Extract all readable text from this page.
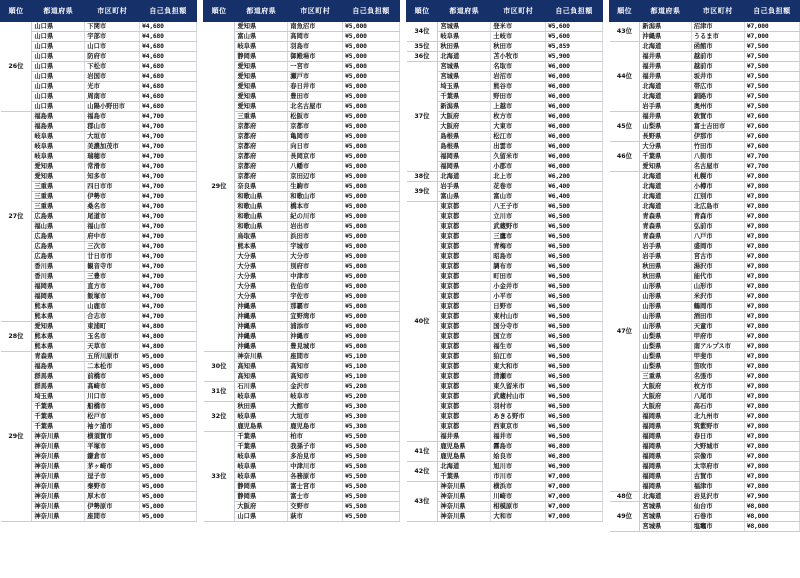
順位	都道府県	市区町村	自己負担額
26位	山口県	下関市	¥4,680
	山口県	宇部市	¥4,680
	山口県	山口市	¥4,680
	山口県	防府市	¥4,680
	山口県	下松市	¥4,680
	山口県	岩国市	¥4,680
	山口県	光市	¥4,680
	山口県	周南市	¥4,680
	山口県	山陽小野田市	¥4,680
27位	福島県	福島市	¥4,700
	福島県	郡山市	¥4,700
	岐阜県	大垣市	¥4,700
	岐阜県	美濃加茂市	¥4,700
	岐阜県	瑞穂市	¥4,700
	愛知県	常滑市	¥4,700
	愛知県	知多市	¥4,700
	三重県	四日市市	¥4,700
	三重県	伊勢市	¥4,700
	三重県	桑名市	¥4,700
	広島県	尾道市	¥4,700
	福山県	福山市	¥4,700
	広島県	府中市	¥4,700
	広島県	三次市	¥4,700
	広島県	廿日市市	¥4,700
	香川県	観音寺市	¥4,700
	香川県	三豊市	¥4,700
	福岡県	直方市	¥4,700
	福岡県	飯塚市	¥4,700
	熊本県	山鹿市	¥4,700
	熊本県	合志市	¥4,700
28位	愛知県	東浦町	¥4,800
	熊本県	玉名市	¥4,800
	熊本県	天草市	¥4,800
29位	青森県	五所川原市	¥5,000
	福島県	二本松市	¥5,000
	群馬県	前橋市	¥5,000
	群馬県	高崎市	¥5,000
	埼玉県	川口市	¥5,000
	千葉県	船橋市	¥5,000
	千葉県	松戸市	¥5,000
	千葉県	袖ケ浦市	¥5,000
	神奈川県	横須賀市	¥5,000
	神奈川県	平塚市	¥5,000
	神奈川県	鎌倉市	¥5,000
	神奈川県	茅ヶ崎市	¥5,000
	神奈川県	逗子市	¥5,000
	神奈川県	秦野市	¥5,000
	神奈川県	厚木市	¥5,000
	神奈川県	伊勢原市	¥5,000
	神奈川県	座間市	¥5,000
順位	都道府県	市区町村	自己負担額
29位	愛知県	南魚沼市	¥5,000
	富山県	高岡市	¥5,000
	岐阜県	羽島市	¥5,000
	静岡県	御殿場市	¥5,000
	愛知県	一宮市	¥5,000
	愛知県	瀬戸市	¥5,000
	愛知県	春日井市	¥5,000
	愛知県	豊田市	¥5,000
	愛知県	北名古屋市	¥5,000
	三重県	松阪市	¥5,000
	京都府	京都市	¥5,000
	京都府	亀岡市	¥5,000
	京都府	向日市	¥5,000
	京都府	長岡京市	¥5,000
	京都府	八幡市	¥5,000
	京都府	京田辺市	¥5,000
	奈良県	生駒市	¥5,000
	和歌山県	和歌山市	¥5,000
	和歌山県	橋本市	¥5,000
	和歌山県	紀の川市	¥5,000
	和歌山県	岩出市	¥5,000
	鳥取県	浜田市	¥5,000
	熊本県	宇城市	¥5,000
	大分県	大分市	¥5,000
	大分県	別府市	¥5,000
	大分県	中津市	¥5,000
	大分県	佐伯市	¥5,000
	大分県	宇佐市	¥5,000
	沖縄県	那覇市	¥5,000
	沖縄県	宜野湾市	¥5,000
	沖縄県	浦添市	¥5,000
	沖縄県	沖縄市	¥5,000
	沖縄県	豊見城市	¥5,000
30位	神奈川県	座間市	¥5,100
	高知県	高知市	¥5,100
	高知県	高知市	¥5,100
31位	石川県	金沢市	¥5,200
	岐阜県	岐阜市	¥5,200
32位	秋田県	大館市	¥5,300
	岐阜県	大垣市	¥5,300
	鹿児島県	鹿児島市	¥5,300
33位	千葉県	柏市	¥5,500
	千葉県	我孫子市	¥5,500
	岐阜県	多治見市	¥5,500
	岐阜県	中津川市	¥5,500
	岐阜県	各務原市	¥5,500
	静岡県	富士宮市	¥5,500
	静岡県	富士市	¥5,500
	大阪府	交野市	¥5,500
	山口県	萩市	¥5,500
順位	都道府県	市区町村	自己負担額
34位	宮城県	登米市	¥5,600
	岐阜県	土岐市	¥5,600
35位	秋田県	秋田市	¥5,859
36位	北海道	苫小牧市	¥5,900
37位	宮城県	名取市	¥6,000
	宮城県	岩沼市	¥6,000
	埼玉県	熊谷市	¥6,000
	千葉県	野田市	¥6,000
	新潟県	上越市	¥6,000
	大阪府	枚方市	¥6,000
	大阪府	大東市	¥6,000
	島根県	松江市	¥6,000
	島根県	出雲市	¥6,000
	福岡県	久留米市	¥6,000
	福岡県	小郡市	¥6,000
38位	北海道	北上市	¥6,200
39位	岩手県	花巻市	¥6,400
	富山県	富山市	¥6,400
40位	東京都	八王子市	¥6,500
	東京都	立川市	¥6,500
	東京都	武蔵野市	¥6,500
	東京都	三鷹市	¥6,500
	東京都	青梅市	¥6,500
	東京都	昭島市	¥6,500
	東京都	調布市	¥6,500
	東京都	町田市	¥6,500
	東京都	小金井市	¥6,500
	東京都	小平市	¥6,500
	東京都	日野市	¥6,500
	東京都	東村山市	¥6,500
	東京都	国分寺市	¥6,500
	東京都	国立市	¥6,500
	東京都	福生市	¥6,500
	東京都	狛江市	¥6,500
	東京都	東大和市	¥6,500
	東京都	清瀬市	¥6,500
	東京都	東久留米市	¥6,500
	東京都	武蔵村山市	¥6,500
	東京都	羽村市	¥6,500
	東京都	あきる野市	¥6,500
	東京都	西東京市	¥6,500
	福井県	福井市	¥6,500
41位	鹿児島県	霧島市	¥6,800
	鹿児島県	姶良市	¥6,800
42位	北海道	旭川市	¥6,900
	千葉県	市川市	¥7,000
43位	神奈川県	横浜市	¥7,000
	神奈川県	川崎市	¥7,000
	神奈川県	相模原市	¥7,000
	神奈川県	大和市	¥7,000
順位	都道府県	市区町村	自己負担額
43位	新潟県	沼津市	¥7,000
	沖縄県	うるま市	¥7,000
44位	北海道	函館市	¥7,500
	福井県	越前市	¥7,500
	福井県	越前市	¥7,500
	福井県	坂井市	¥7,500
	北海道	帯広市	¥7,500
	北海道	釧路市	¥7,500
	岩手県	奥州市	¥7,500
45位	福井県	敦賀市	¥7,600
	山梨県	富士吉田市	¥7,600
	長野県	伊那市	¥7,600
46位	大分県	竹田市	¥7,600
	千葉県	八街市	¥7,700
	愛知県	名古屋市	¥7,700
47位	北海道	札幌市	¥7,800
	北海道	小樽市	¥7,800
	北海道	江別市	¥7,800
	北海道	北広島市	¥7,800
	青森県	青森市	¥7,800
	青森県	弘前市	¥7,800
	青森県	八戸市	¥7,800
	岩手県	盛岡市	¥7,800
	岩手県	宮古市	¥7,800
	秋田県	湯沢市	¥7,800
	秋田県	能代市	¥7,800
	山形県	山形市	¥7,800
	山形県	米沢市	¥7,800
	山形県	鶴岡市	¥7,800
	山形県	酒田市	¥7,800
	山形県	天童市	¥7,800
	山梨県	甲府市	¥7,800
	山梨県	南アルプス市	¥7,800
	山梨県	甲斐市	¥7,800
	山梨県	笛吹市	¥7,800
	三重県	名張市	¥7,800
	大阪府	枚方市	¥7,800
	大阪府	八尾市	¥7,800
	大阪府	高石市	¥7,800
	福岡県	北九州市	¥7,800
	福岡県	筑紫野市	¥7,800
	福岡県	春日市	¥7,800
	福岡県	大野城市	¥7,800
	福岡県	宗像市	¥7,800
	福岡県	太宰府市	¥7,800
	福岡県	古賀市	¥7,800
	福岡県	福津市	¥7,800
48位	北海道	岩見沢市	¥7,900
49位	宮城県	仙台市	¥8,000
	宮城県	石巻市	¥8,000
	宮城県	塩竈市	¥8,000
